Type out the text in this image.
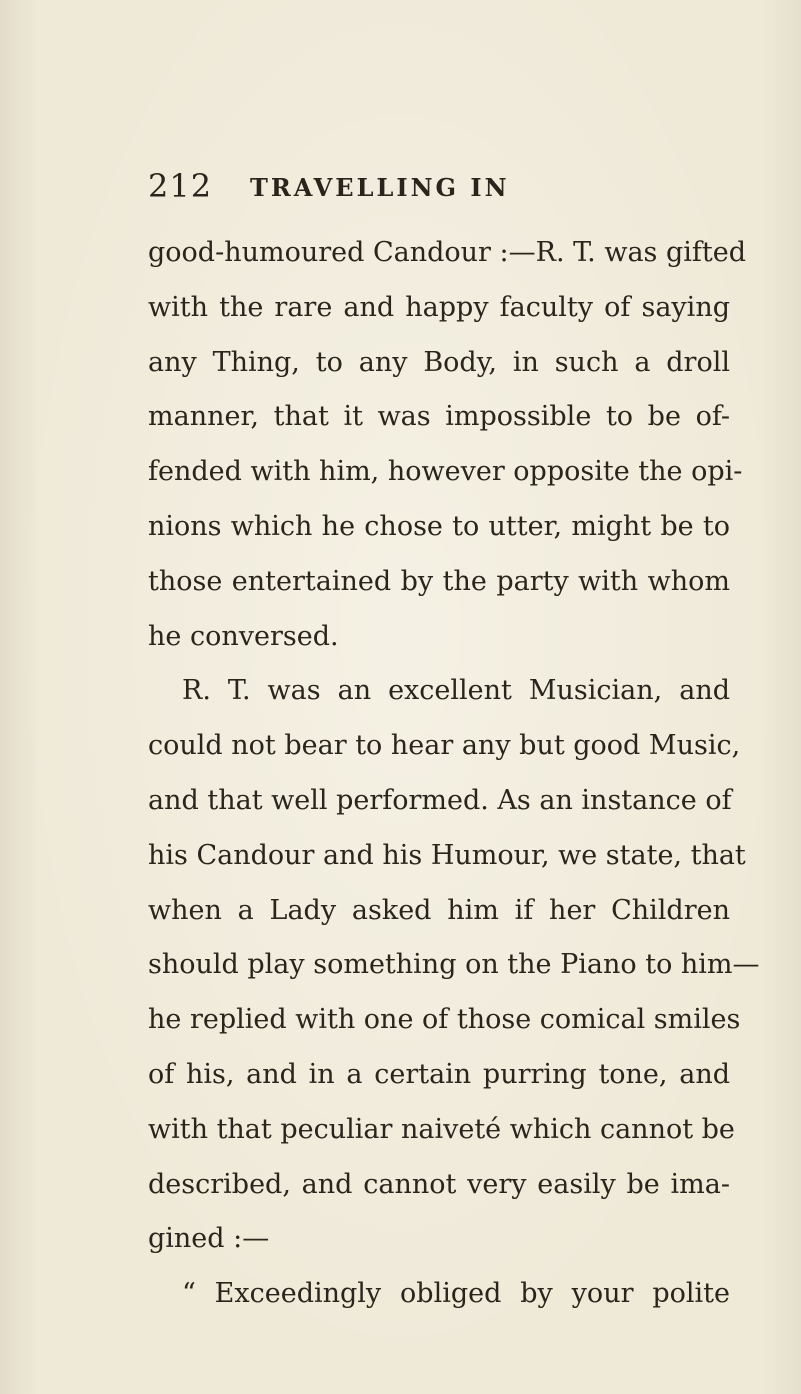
212 TRAVELLING IN
good-humoured Candour :—R. T. was gifted
with the rare and happy faculty of saying
any Thing, to any Body, in such a droll
manner, that it was impossible to be of-
fended with him, however opposite the opi-
nions which he chose to utter, might be to
those entertained by the party with whom
he conversed.
R. T. was an excellent Musician, and
could not bear to hear any but good Music,
and that well performed. As an instance of
his Candour and his Humour, we state, that
when a Lady asked him if her Children
should play something on the Piano to him—
he replied with one of those comical smiles
of his, and in a certain purring tone, and
with that peculiar naiveté which cannot be
described, and cannot very easily be ima-
gined :—
“ Exceedingly obliged by your polite
